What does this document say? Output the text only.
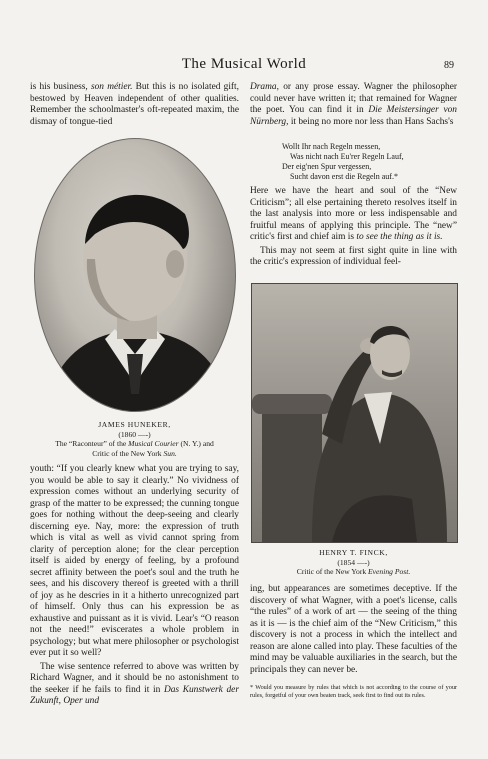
The Musical World	89

is his business, son métier. But this is no isolated gift, bestowed by Heaven independent of other qualities. Remember the schoolmaster's oft-repeated maxim, the dismay of tongue-tied

JAMES HUNEKER,
(1860 —-)
The “Raconteur” of the Musical Courier (N. Y.) and
Critic of the New York Sun.

youth: “If you clearly knew what you are trying to say, you would be able to say it clearly.” No vividness of expression comes without an underlying security of grasp of the matter to be expressed; the cunning tongue goes for nothing without the deep-seeing and clearly discerning eye. Nay, more: the expression of truth which is vital as well as vivid cannot spring from clarity of perception alone; for the clear perception itself is aided by energy of feeling, by a profound secret affinity between the poet's soul and the truth he sees, and his discovery thereof is greeted with a thrill of joy as he descries in it a hitherto unrecognized part of himself. Only thus can his expression be as exhaustive and puissant as it is vivid. Lear's “O reason not the need!” eviscerates a whole problem in psychology; but what mere philosopher or psychologist ever put it so well?

The wise sentence referred to above was written by Richard Wagner, and it should be no astonishment to the seeker if he fails to find it in Das Kunstwerk der Zukunft, Oper und

Drama, or any prose essay. Wagner the philosopher could never have written it; that remained for Wagner the poet. You can find it in Die Meistersinger von Nürnberg, it being no more nor less than Hans Sachs's

Wollt Ihr nach Regeln messen,
Was nicht nach Eu'rer Regeln Lauf,
Der eig'nen Spur vergessen,
Sucht davon erst die Regeln auf.*

Here we have the heart and soul of the “New Criticism”; all else pertaining thereto resolves itself in the last analysis into more or less indispensable and fruitful means of applying this principle. The “new” critic's first and chief aim is to see the thing as it is.

This may not seem at first sight quite in line with the critic's expression of individual feel-

HENRY T. FINCK,
(1854 —-)
Critic of the New York Evening Post.

ing, but appearances are sometimes deceptive. If the discovery of what Wagner, with a poet's license, calls “the rules” of a work of art — the seeing of the thing as it is — is the chief aim of the “New Criticism,” this discovery is not a process in which the intellect and reason are alone called into play. These faculties of the mind may be valuable auxiliaries in the search, but the principals they can never be.

* Would you measure by rules that which is not according to the course of your rules, forgetful of your own beaten track, seek first to find out its rules.
